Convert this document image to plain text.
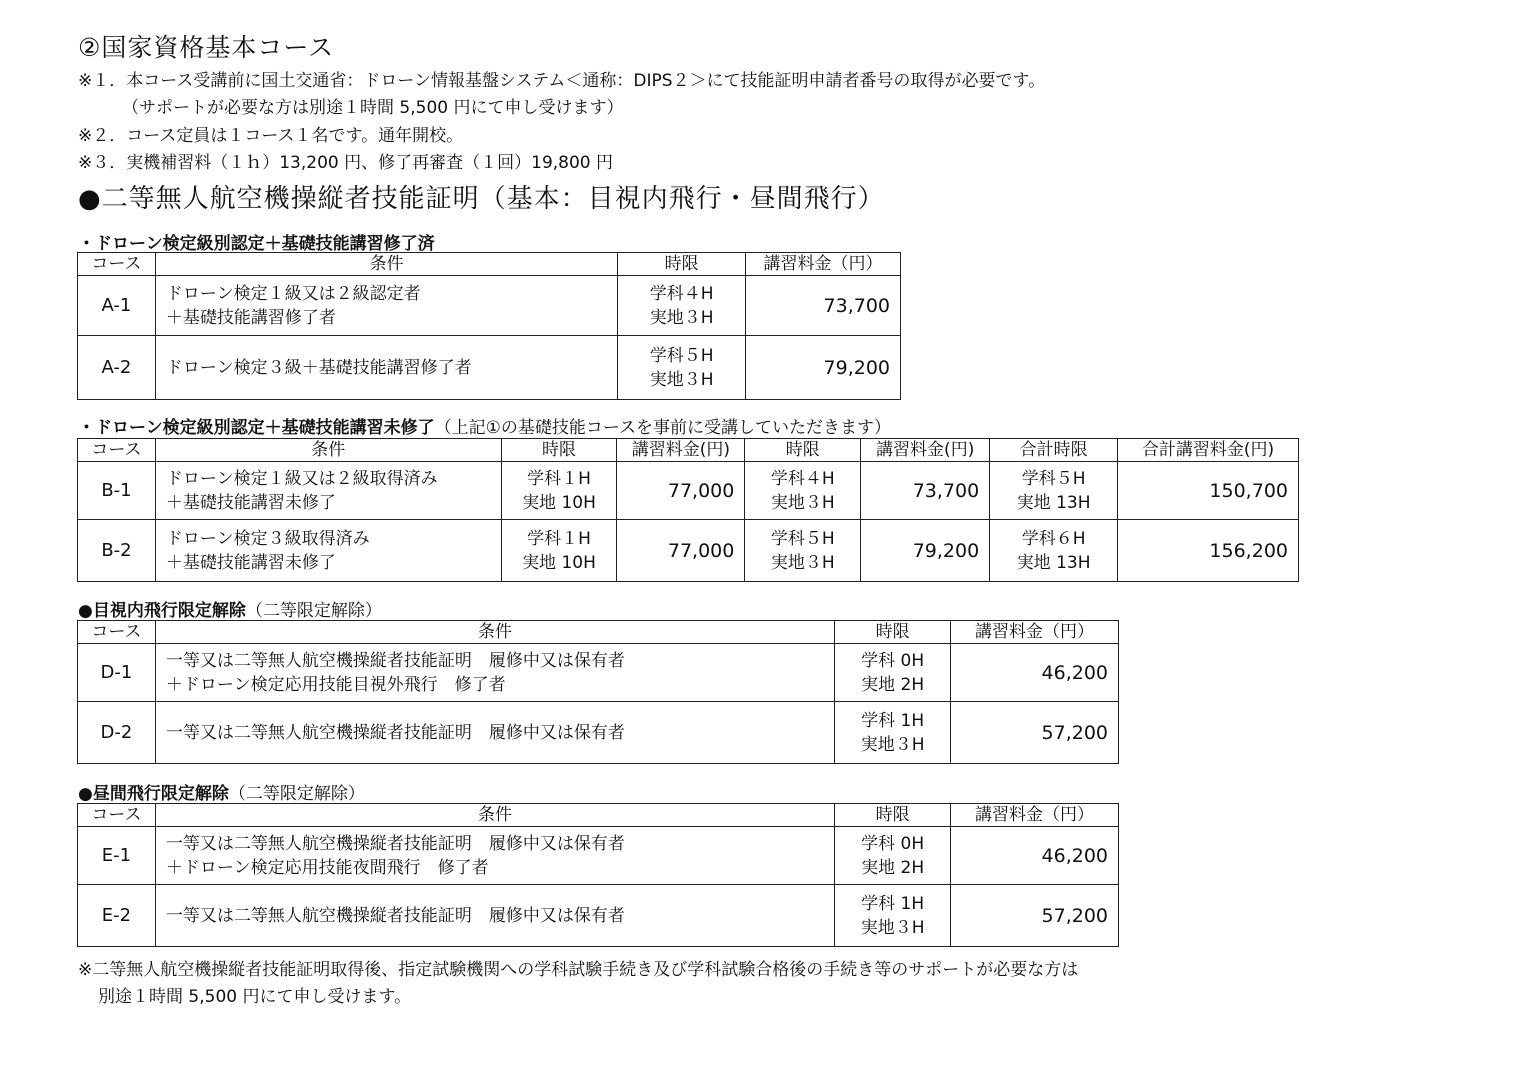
②国家資格基本コース
※１．本コース受講前に国土交通省：ドローン情報基盤システム＜通称：DIPS２＞にて技能証明申請者番号の取得が必要です。
（サポートが必要な方は別途１時間 5,500 円にて申し受けます）
※２．コース定員は１コース１名です。通年開校。
※３．実機補習料（１ｈ）13,200 円、修了再審査（１回）19,800 円
●二等無人航空機操縦者技能証明（基本：目視内飛行・昼間飛行）
・ドローン検定級別認定＋基礎技能講習修了済
コース	条件	時限	講習料金（円）
A-1	ドローン検定１級又は２級認定者
＋基礎技能講習修了者	学科４H
実地３H	73,700
A-2	ドローン検定３級＋基礎技能講習修了者	学科５H
実地３H	79,200
・ドローン検定級別認定＋基礎技能講習未修了（上記①の基礎技能コースを事前に受講していただきます）
コース	条件	時限	講習料金(円)	時限	講習料金(円)	合計時限	合計講習料金(円)
B-1	ドローン検定１級又は２級取得済み
＋基礎技能講習未修了	学科１H
実地 10H	77,000	学科４H
実地３H	73,700	学科５H
実地 13H	150,700
B-2	ドローン検定３級取得済み
＋基礎技能講習未修了	学科１H
実地 10H	77,000	学科５H
実地３H	79,200	学科６H
実地 13H	156,200
●目視内飛行限定解除（二等限定解除）
コース	条件	時限	講習料金（円）
D-1	一等又は二等無人航空機操縦者技能証明　履修中又は保有者
＋ドローン検定応用技能目視外飛行　修了者	学科 0H
実地 2H	46,200
D-2	一等又は二等無人航空機操縦者技能証明　履修中又は保有者	学科 1H
実地３H	57,200
●昼間飛行限定解除（二等限定解除）
コース	条件	時限	講習料金（円）
E-1	一等又は二等無人航空機操縦者技能証明　履修中又は保有者
＋ドローン検定応用技能夜間飛行　修了者	学科 0H
実地 2H	46,200
E-2	一等又は二等無人航空機操縦者技能証明　履修中又は保有者	学科 1H
実地３H	57,200
※二等無人航空機操縦者技能証明取得後、指定試験機関への学科試験手続き及び学科試験合格後の手続き等のサポートが必要な方は
別途１時間 5,500 円にて申し受けます。
